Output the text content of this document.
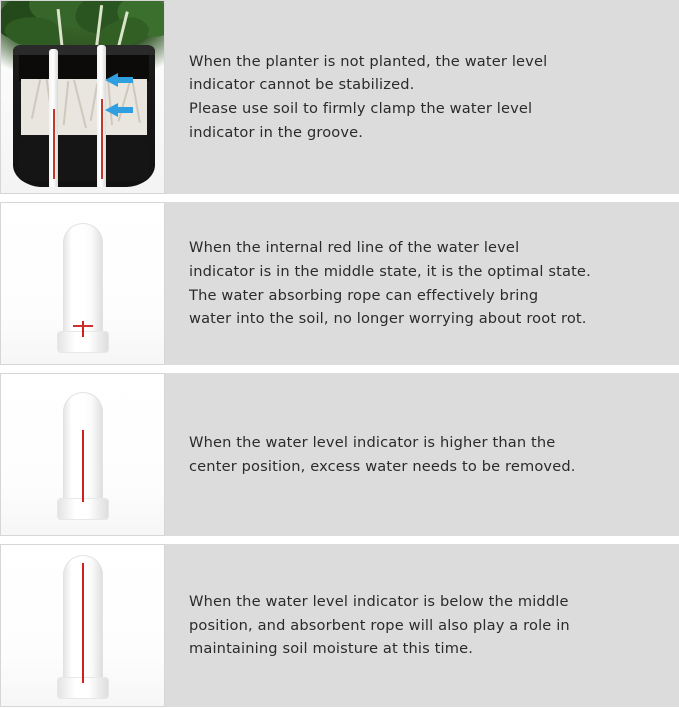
When the planter is not planted, the water level

indicator cannot be stabilized.

Please use soil to firmly clamp the water level

indicator in the groove.

When the internal red line of the water level

indicator is in the middle state, it is the optimal state.

The water absorbing rope can effectively bring

water into the soil, no longer worrying about root rot.

When the water level indicator is higher than the

center position, excess water needs to be removed.

When the water level indicator is below the middle

position, and absorbent rope will also play a role in

maintaining soil moisture at this time.
